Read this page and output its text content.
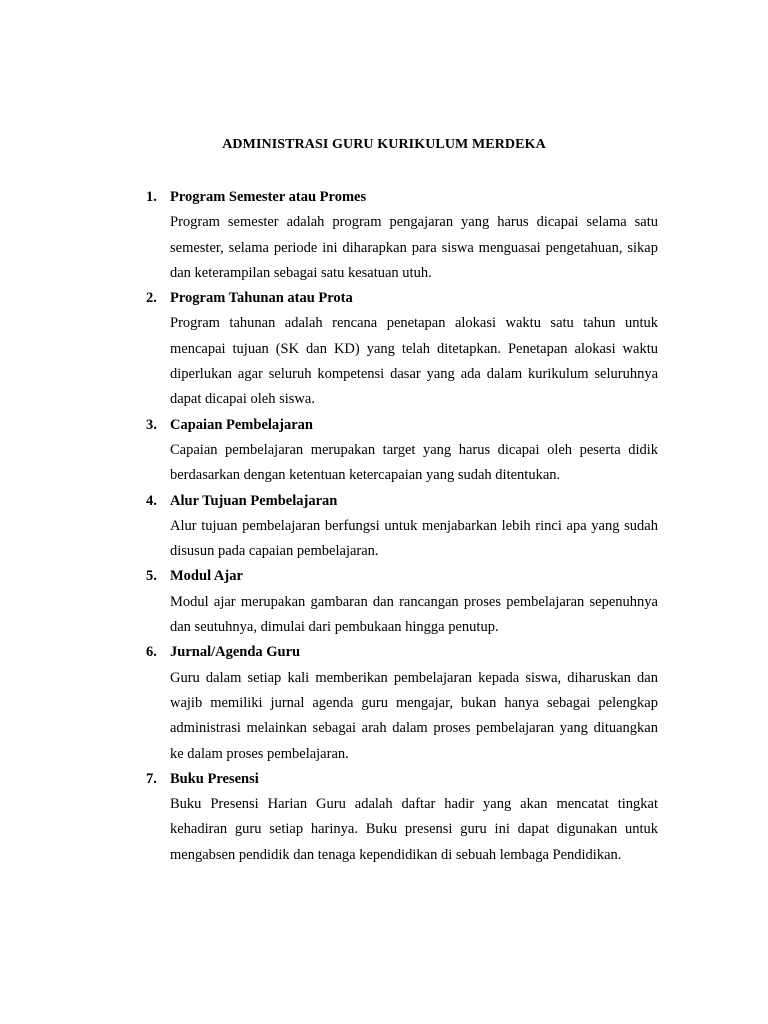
ADMINISTRASI GURU KURIKULUM MERDEKA
1. Program Semester atau Promes

Program semester adalah program pengajaran yang harus dicapai selama satu semester, selama periode ini diharapkan para siswa menguasai pengetahuan, sikap dan keterampilan sebagai satu kesatuan utuh.

2. Program Tahunan atau Prota

Program tahunan adalah rencana penetapan alokasi waktu satu tahun untuk mencapai tujuan (SK dan KD) yang telah ditetapkan. Penetapan alokasi waktu diperlukan agar seluruh kompetensi dasar yang ada dalam kurikulum seluruhnya dapat dicapai oleh siswa.

3. Capaian Pembelajaran

Capaian pembelajaran merupakan target yang harus dicapai oleh peserta didik berdasarkan dengan ketentuan ketercapaian yang sudah ditentukan.

4. Alur Tujuan Pembelajaran

Alur tujuan pembelajaran berfungsi untuk menjabarkan lebih rinci apa yang sudah disusun pada capaian pembelajaran.

5. Modul Ajar

Modul ajar merupakan gambaran dan rancangan proses pembelajaran sepenuhnya dan seutuhnya, dimulai dari pembukaan hingga penutup.

6. Jurnal/Agenda Guru

Guru dalam setiap kali memberikan pembelajaran kepada siswa, diharuskan dan wajib memiliki jurnal agenda guru mengajar, bukan hanya sebagai pelengkap administrasi melainkan sebagai arah dalam proses pembelajaran yang dituangkan ke dalam proses pembelajaran.

7. Buku Presensi

Buku Presensi Harian Guru adalah daftar hadir yang akan mencatat tingkat kehadiran guru setiap harinya. Buku presensi guru ini dapat digunakan untuk mengabsen pendidik dan tenaga kependidikan di sebuah lembaga Pendidikan.
